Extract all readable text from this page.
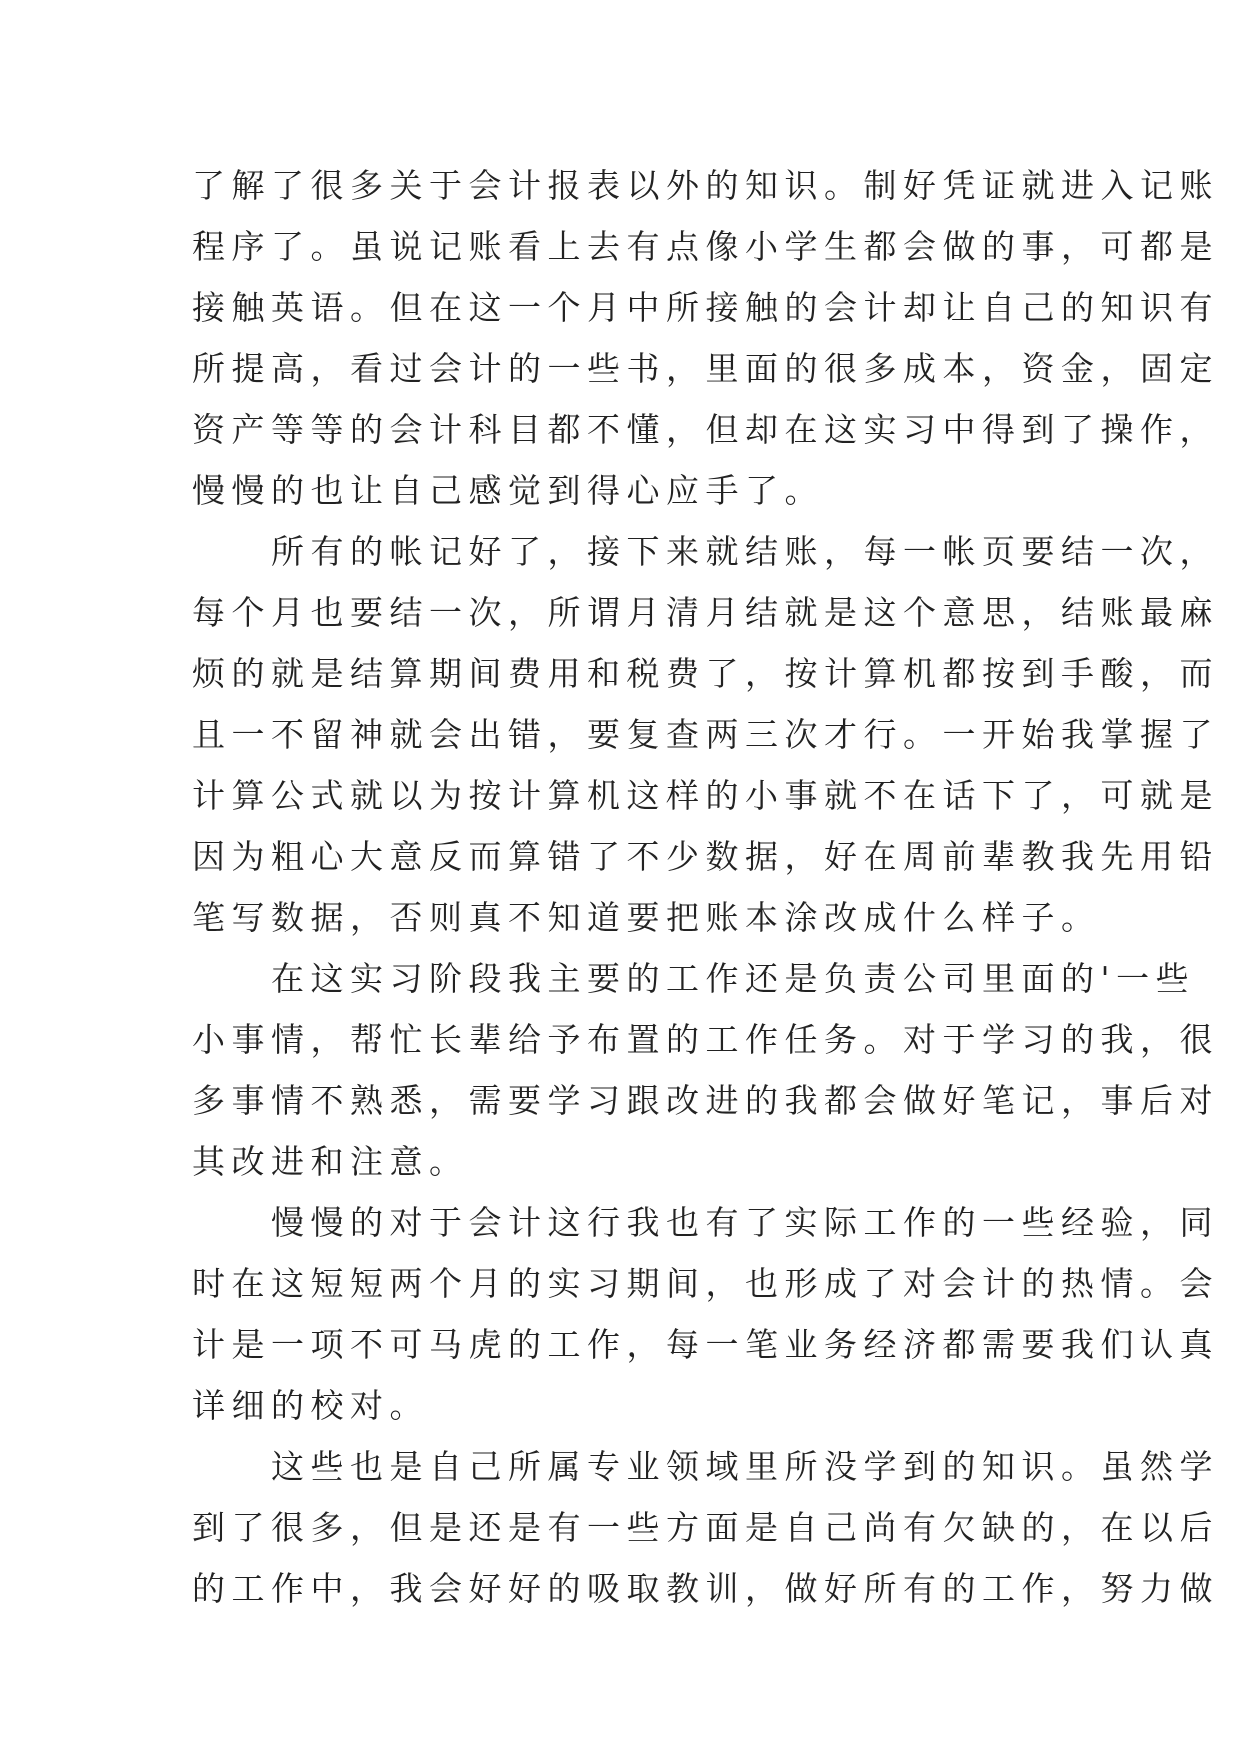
了解了很多关于会计报表以外的知识。制好凭证就进入记账
程序了。虽说记账看上去有点像小学生都会做的事，可都是
接触英语。但在这一个月中所接触的会计却让自己的知识有
所提高，看过会计的一些书，里面的很多成本，资金，固定
资产等等的会计科目都不懂，但却在这实习中得到了操作，
慢慢的也让自己感觉到得心应手了。
　　所有的帐记好了，接下来就结账，每一帐页要结一次，
每个月也要结一次，所谓月清月结就是这个意思，结账最麻
烦的就是结算期间费用和税费了，按计算机都按到手酸，而
且一不留神就会出错，要复查两三次才行。一开始我掌握了
计算公式就以为按计算机这样的小事就不在话下了，可就是
因为粗心大意反而算错了不少数据，好在周前辈教我先用铅
笔写数据，否则真不知道要把账本涂改成什么样子。
　　在这实习阶段我主要的工作还是负责公司里面的'一些
小事情，帮忙长辈给予布置的工作任务。对于学习的我，很
多事情不熟悉，需要学习跟改进的我都会做好笔记，事后对
其改进和注意。
　　慢慢的对于会计这行我也有了实际工作的一些经验，同
时在这短短两个月的实习期间，也形成了对会计的热情。会
计是一项不可马虎的工作，每一笔业务经济都需要我们认真
详细的校对。
　　这些也是自己所属专业领域里所没学到的知识。虽然学
到了很多，但是还是有一些方面是自己尚有欠缺的，在以后
的工作中，我会好好的吸取教训，做好所有的工作，努力做
